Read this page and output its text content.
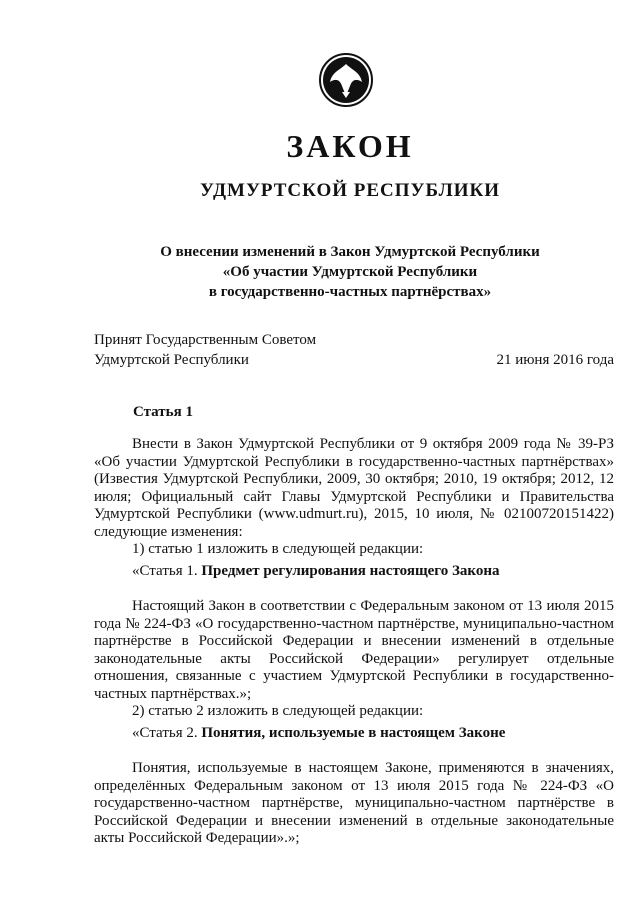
ЗАКОН
УДМУРТСКОЙ РЕСПУБЛИКИ
О внесении изменений в Закон Удмуртской Республики
«Об участии Удмуртской Республики
в государственно-частных партнёрствах»
Принят Государственным Советом
Удмуртской Республики	21 июня 2016 года
Статья 1

Внести в Закон Удмуртской Республики от 9 октября 2009 года № 39-РЗ «Об участии Удмуртской Республики в государственно-частных партнёрствах» (Известия Удмуртской Республики, 2009, 30 октября; 2010, 19 октября; 2012, 12 июля; Официальный сайт Главы Удмуртской Республики и Правительства Удмуртской Республики (www.udmurt.ru), 2015, 10 июля, № 02100720151422) следующие изменения:

1) статью 1 изложить в следующей редакции:

«Статья 1. Предмет регулирования настоящего Закона

Настоящий Закон в соответствии с Федеральным законом от 13 июля 2015 года № 224-ФЗ «О государственно-частном партнёрстве, муниципально-частном партнёрстве в Российской Федерации и внесении изменений в отдельные законодательные акты Российской Федерации» регулирует отдельные отношения, связанные с участием Удмуртской Республики в государственно-частных партнёрствах.»;

2) статью 2 изложить в следующей редакции:

«Статья 2. Понятия, используемые в настоящем Законе

Понятия, используемые в настоящем Законе, применяются в значениях, определённых Федеральным законом от 13 июля 2015 года № 224-ФЗ «О государственно-частном партнёрстве, муниципально-частном партнёрстве в Российской Федерации и внесении изменений в отдельные законодательные акты Российской Федерации».»;
